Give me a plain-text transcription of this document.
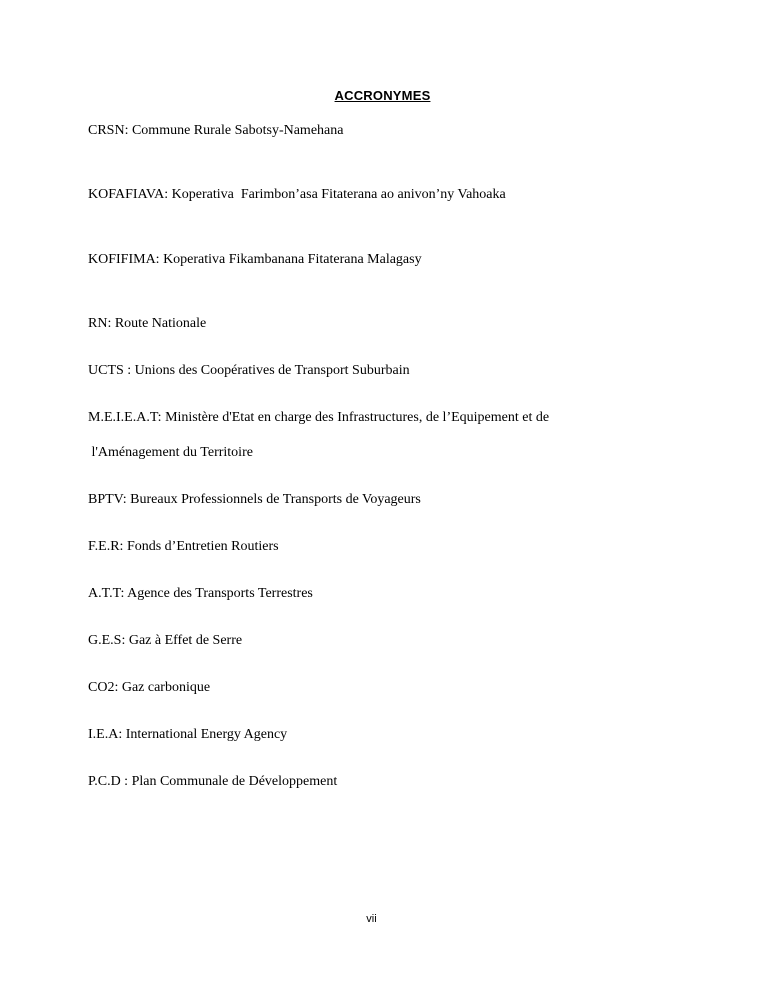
ACCRONYMES
CRSN: Commune Rurale Sabotsy-Namehana
KOFAFIAVA: Koperativa  Farimbon’asa Fitaterana ao anivon’ny Vahoaka
KOFIFIMA: Koperativa Fikambanana Fitaterana Malagasy
RN: Route Nationale
UCTS : Unions des Coopératives de Transport Suburbain
M.E.I.E.A.T: Ministère d'Etat en charge des Infrastructures, de l’Equipement et de
l'Aménagement du Territoire
BPTV: Bureaux Professionnels de Transports de Voyageurs
F.E.R: Fonds d’Entretien Routiers
A.T.T: Agence des Transports Terrestres
G.E.S: Gaz à Effet de Serre
CO2: Gaz carbonique
I.E.A: International Energy Agency
P.C.D : Plan Communale de Développement
vii
